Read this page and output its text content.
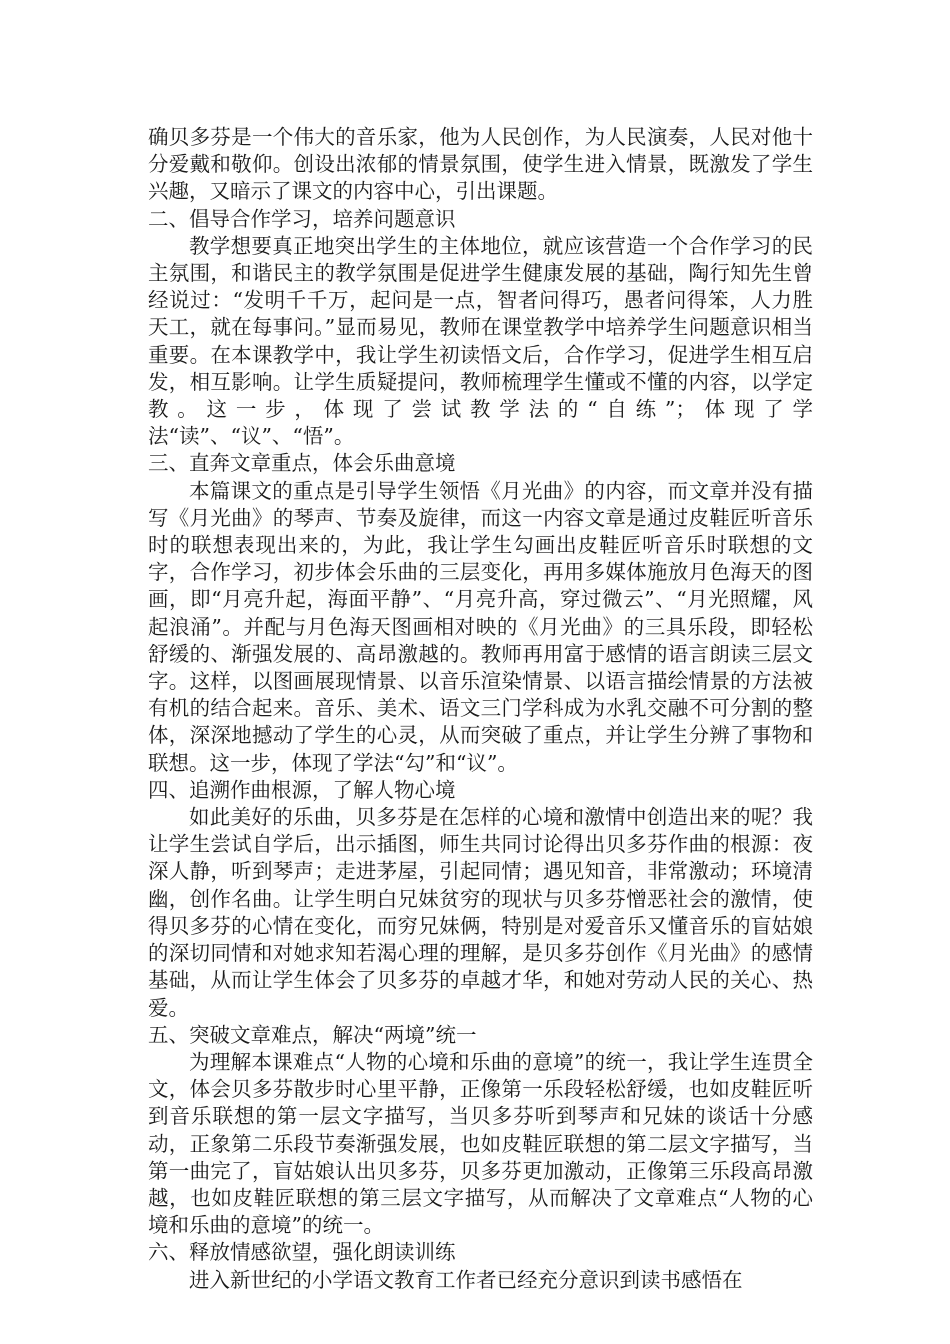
确贝多芬是一个伟大的音乐家，他为人民创作，为人民演奏，人民对他十分爱戴和敬仰。创设出浓郁的情景氛围，使学生进入情景，既激发了学生兴趣，又暗示了课文的内容中心，引出课题。

二、倡导合作学习，培养问题意识

教学想要真正地突出学生的主体地位，就应该营造一个合作学习的民主氛围，和谐民主的教学氛围是促进学生健康发展的基础，陶行知先生曾经说过：“发明千千万，起问是一点，智者问得巧，愚者问得笨，人力胜天工，就在每事问。”显而易见，教师在课堂教学中培养学生问题意识相当重要。在本课教学中，我让学生初读悟文后，合作学习，促进学生相互启发，相互影响。让学生质疑提问，教师梳理学生懂或不懂的内容，以学定教。这一步，体现了尝试教学法的“自练”；体现了学法“读”、“议”、“悟”。

三、直奔文章重点，体会乐曲意境

本篇课文的重点是引导学生领悟《月光曲》的内容，而文章并没有描写《月光曲》的琴声、节奏及旋律，而这一内容文章是通过皮鞋匠听音乐时的联想表现出来的，为此，我让学生勾画出皮鞋匠听音乐时联想的文字，合作学习，初步体会乐曲的三层变化，再用多媒体施放月色海天的图画，即“月亮升起，海面平静”、“月亮升高，穿过微云”、“月光照耀，风起浪涌”。并配与月色海天图画相对映的《月光曲》的三具乐段，即轻松舒缓的、渐强发展的、高昂激越的。教师再用富于感情的语言朗读三层文字。这样，以图画展现情景、以音乐渲染情景、以语言描绘情景的方法被有机的结合起来。音乐、美术、语文三门学科成为水乳交融不可分割的整体，深深地撼动了学生的心灵，从而突破了重点，并让学生分辨了事物和联想。这一步，体现了学法“勾”和“议”。

四、追溯作曲根源，了解人物心境

如此美好的乐曲，贝多芬是在怎样的心境和激情中创造出来的呢？我让学生尝试自学后，出示插图，师生共同讨论得出贝多芬作曲的根源：夜深人静，听到琴声；走进茅屋，引起同情；遇见知音，非常激动；环境清幽，创作名曲。让学生明白兄妹贫穷的现状与贝多芬憎恶社会的激情，使得贝多芬的心情在变化，而穷兄妹俩，特别是对爱音乐又懂音乐的盲姑娘的深切同情和对她求知若渴心理的理解，是贝多芬创作《月光曲》的感情基础，从而让学生体会了贝多芬的卓越才华，和她对劳动人民的关心、热爱。

五、突破文章难点，解决“两境”统一

为理解本课难点“人物的心境和乐曲的意境”的统一，我让学生连贯全文，体会贝多芬散步时心里平静，正像第一乐段轻松舒缓，也如皮鞋匠听到音乐联想的第一层文字描写，当贝多芬听到琴声和兄妹的谈话十分感动，正象第二乐段节奏渐强发展，也如皮鞋匠联想的第二层文字描写，当第一曲完了，盲姑娘认出贝多芬，贝多芬更加激动，正像第三乐段高昂激越，也如皮鞋匠联想的第三层文字描写，从而解决了文章难点“人物的心境和乐曲的意境”的统一。

六、释放情感欲望，强化朗读训练

进入新世纪的小学语文教育工作者已经充分意识到读书感悟在
